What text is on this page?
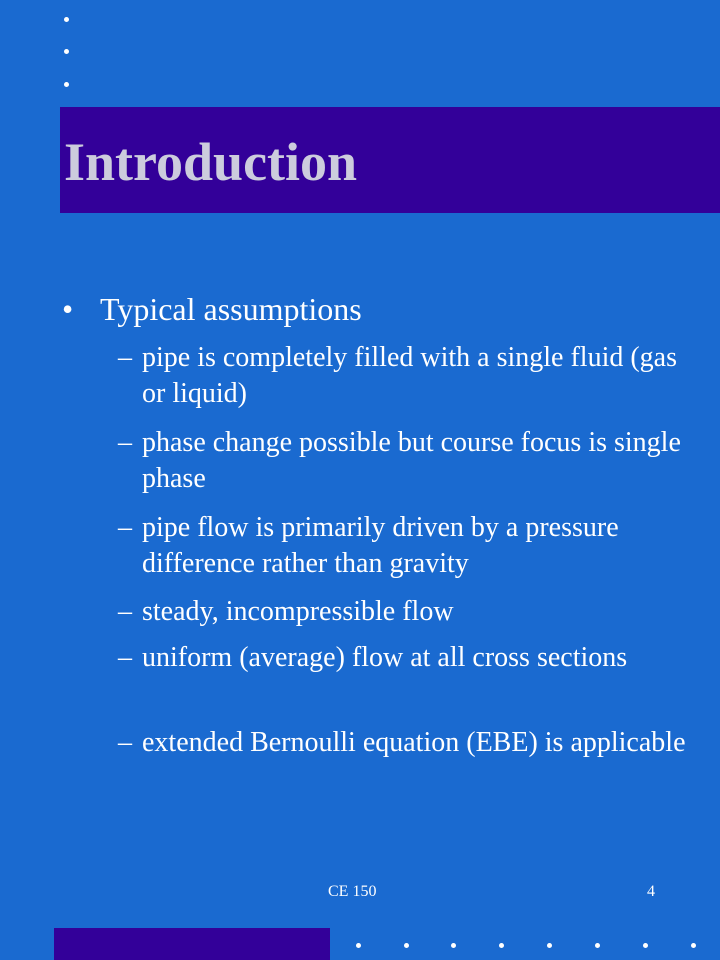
Introduction
• Typical assumptions
– pipe is completely filled with a single fluid (gas or liquid)
– phase change possible but course focus is single phase
– pipe flow is primarily driven by a pressure difference rather than gravity
– steady, incompressible flow
– uniform (average) flow at all cross sections
– extended Bernoulli equation (EBE) is applicable
CE 150	4
